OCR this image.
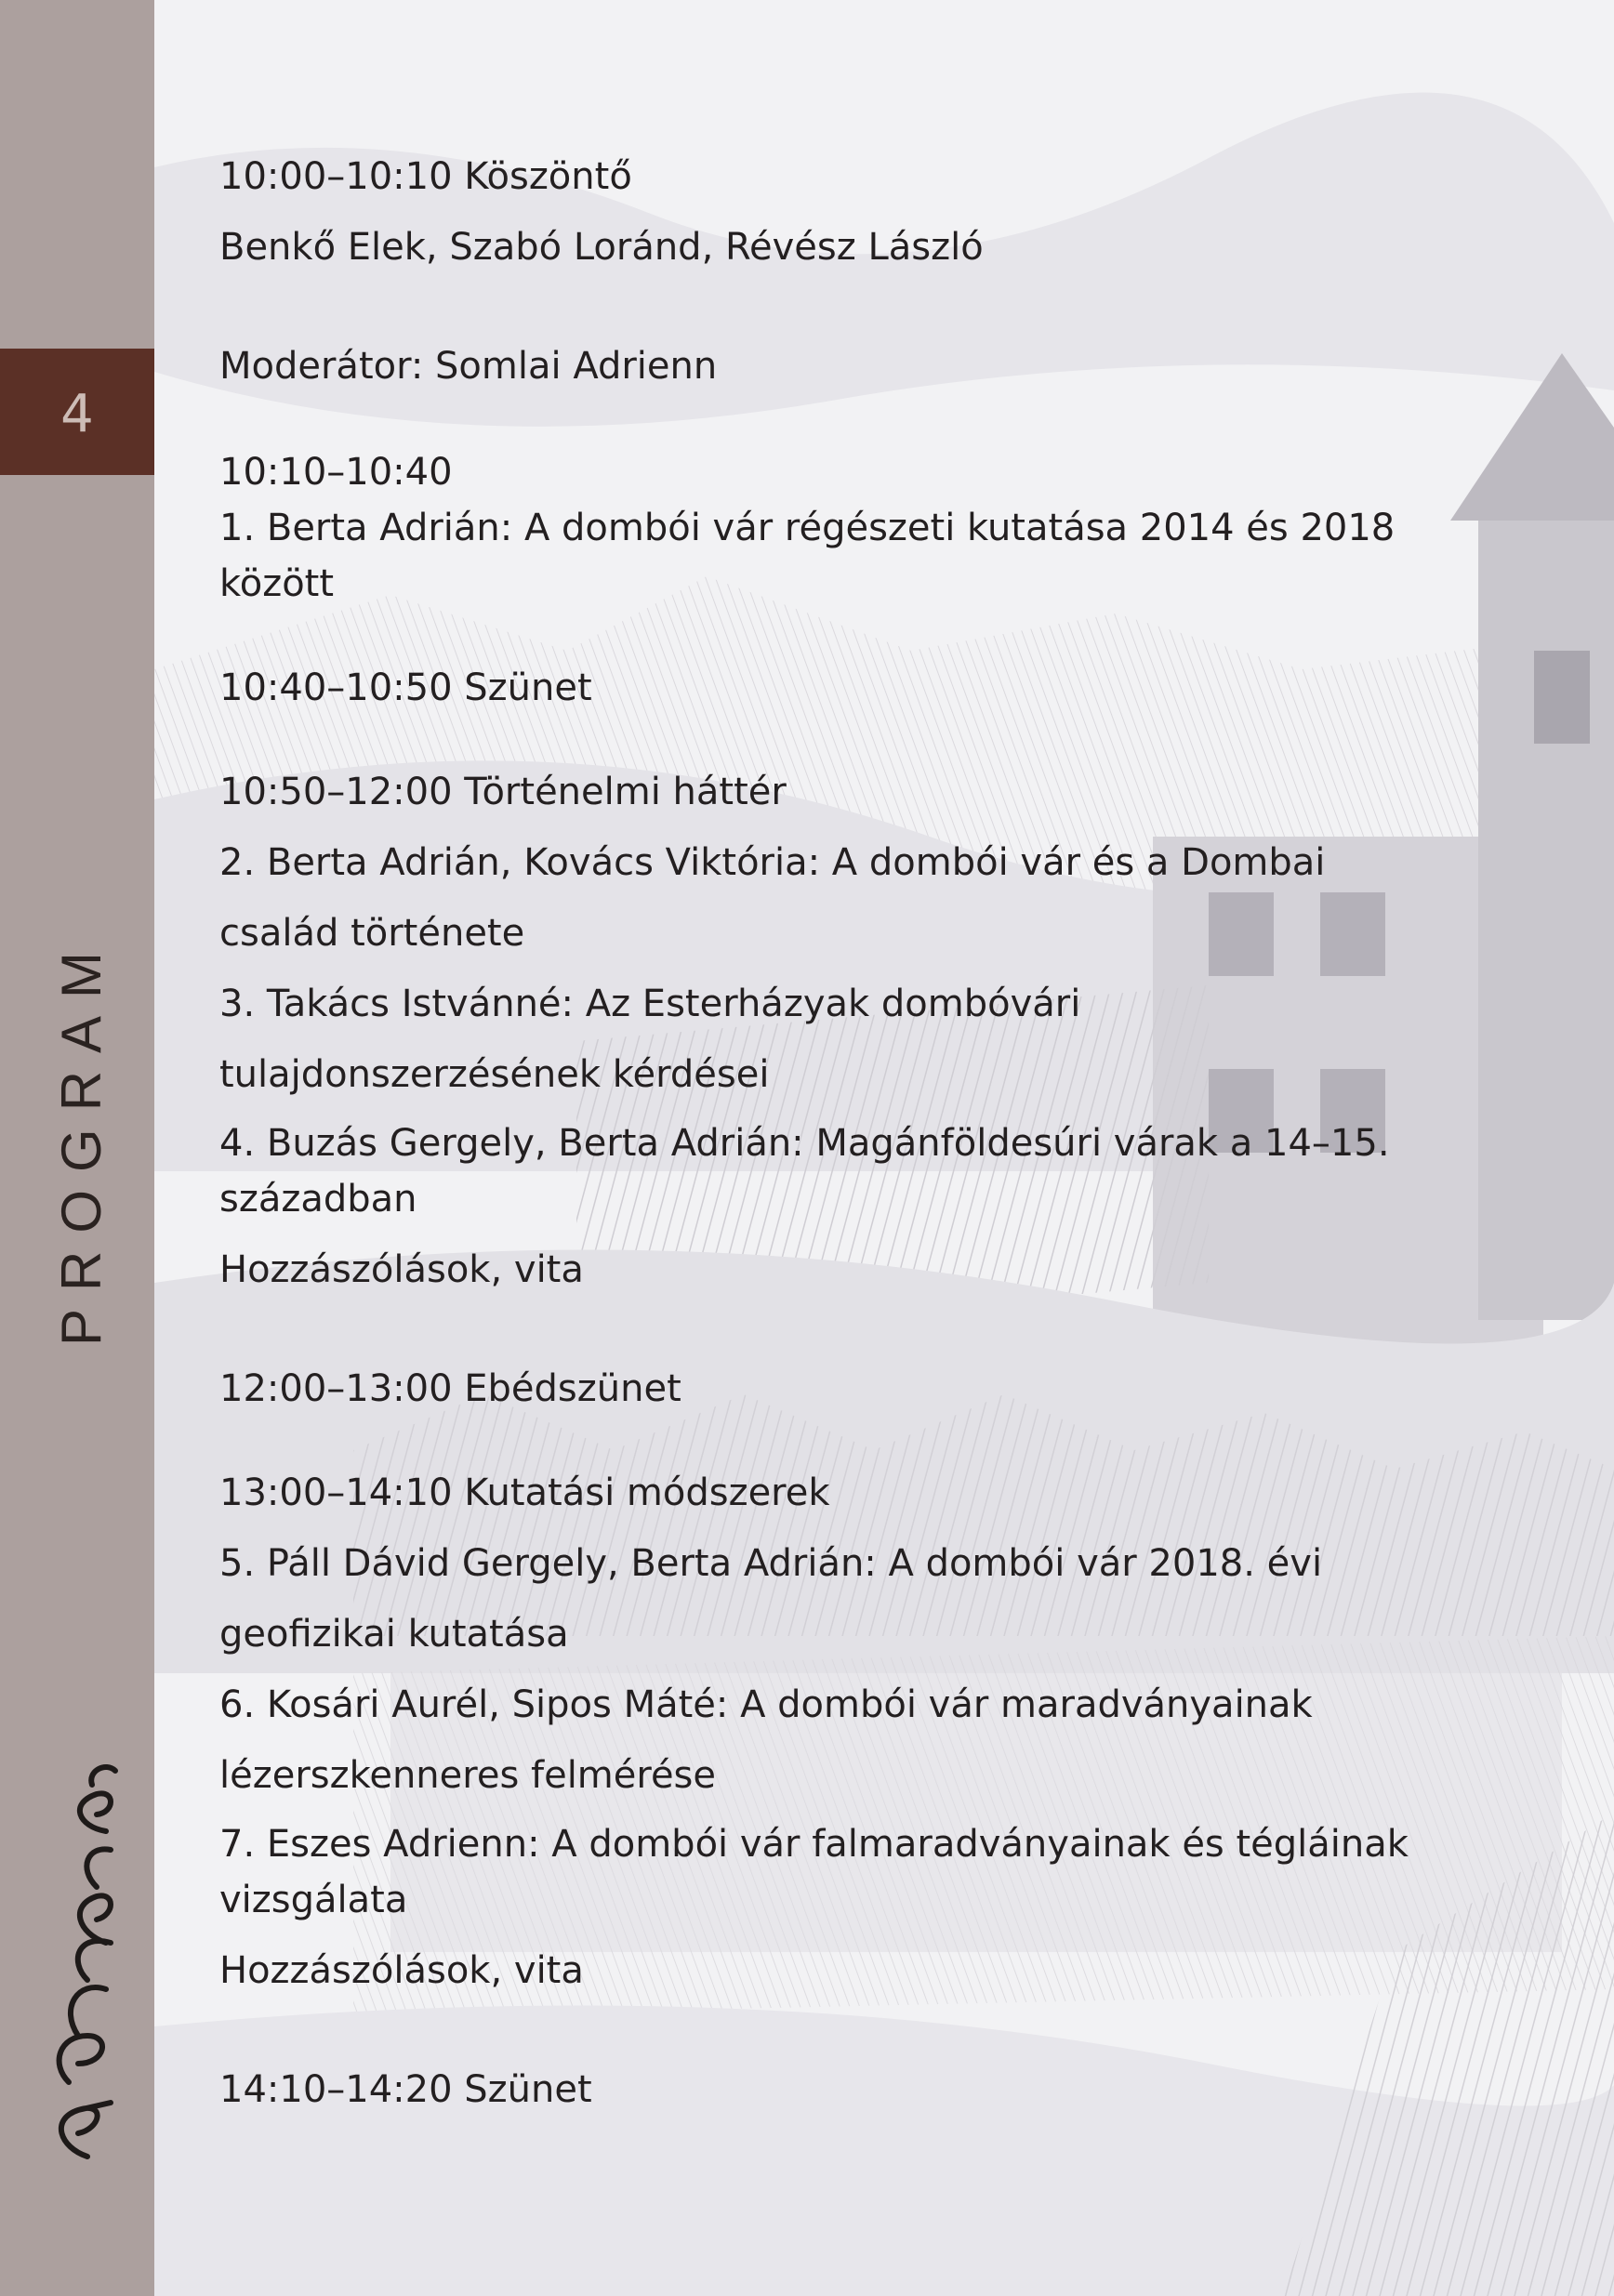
4
PROGRAM
10:00–10:10 Köszöntő
Benkő Elek, Szabó Loránd, Révész László
Moderátor: Somlai Adrienn
10:10–10:40
1. Berta Adrián: A dombói vár régészeti kutatása 2014 és 2018
között
10:40–10:50 Szünet
10:50–12:00 Történelmi háttér
2. Berta Adrián, Kovács Viktória: A dombói vár és a Dombai
család története
3. Takács Istvánné: Az Esterházyak dombóvári
tulajdonszerzésének kérdései
4. Buzás Gergely, Berta Adrián: Magánföldesúri várak a 14–15.
században
Hozzászólások, vita
12:00–13:00 Ebédszünet
13:00–14:10 Kutatási módszerek
5. Páll Dávid Gergely, Berta Adrián: A dombói vár 2018. évi
geofizikai kutatása
6. Kosári Aurél, Sipos Máté: A dombói vár maradványainak
lézerszkenneres felmérése
7. Eszes Adrienn: A dombói vár falmaradványainak és tégláinak
vizsgálata
Hozzászólások, vita
14:10–14:20 Szünet
